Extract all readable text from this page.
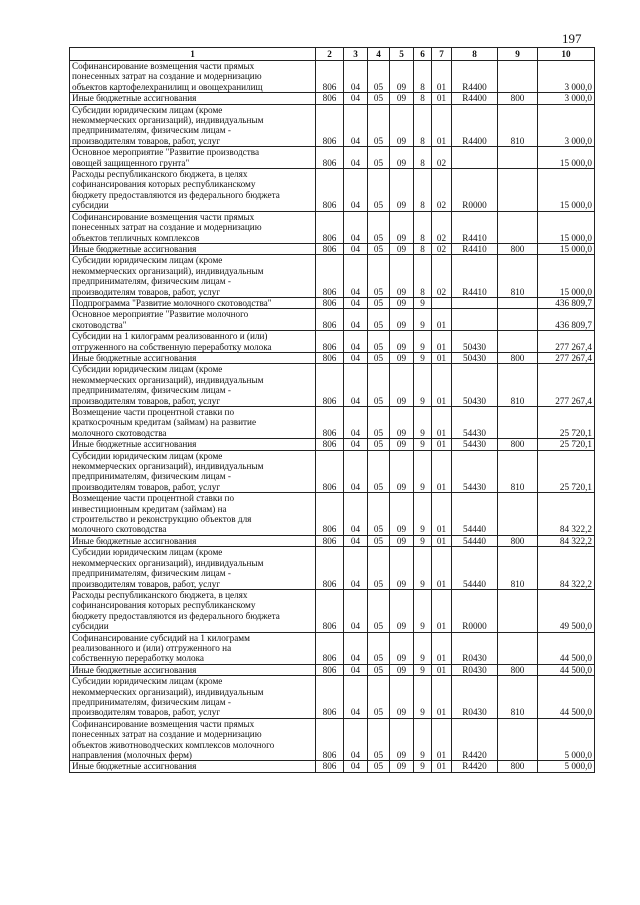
197
1	2	3	4	5	6	7	8	9	10

Софинансирование возмещения части прямых
понесенных затрат на создание и модернизацию
объектов картофелехранилищ и овощехранилищ	806	04	05	09	8	01	R4400		3 000,0

Иные бюджетные ассигнования	806	04	05	09	8	01	R4400	800	3 000,0

Субсидии юридическим лицам (кроме
некоммерческих организаций), индивидуальным
предпринимателям, физическим лицам -
производителям товаров, работ, услуг	806	04	05	09	8	01	R4400	810	3 000,0

Основное мероприятие "Развитие производства
овощей защищенного грунта"	806	04	05	09	8	02			15 000,0

Расходы республиканского бюджета, в целях
софинансирования которых республиканскому
бюджету предоставляются из федерального бюджета
субсидии	806	04	05	09	8	02	R0000		15 000,0

Софинансирование возмещения части прямых
понесенных затрат на создание и модернизацию
объектов тепличных комплексов	806	04	05	09	8	02	R4410		15 000,0

Иные бюджетные ассигнования	806	04	05	09	8	02	R4410	800	15 000,0

Субсидии юридическим лицам (кроме
некоммерческих организаций), индивидуальным
предпринимателям, физическим лицам -
производителям товаров, работ, услуг	806	04	05	09	8	02	R4410	810	15 000,0

Подпрограмма "Развитие молочного скотоводства"	806	04	05	09	9				436 809,7

Основное мероприятие "Развитие молочного
скотоводства"	806	04	05	09	9	01			436 809,7

Субсидии на 1 килограмм реализованного и (или)
отгруженного на собственную переработку молока	806	04	05	09	9	01	50430		277 267,4

Иные бюджетные ассигнования	806	04	05	09	9	01	50430	800	277 267,4

Субсидии юридическим лицам (кроме
некоммерческих организаций), индивидуальным
предпринимателям, физическим лицам -
производителям товаров, работ, услуг	806	04	05	09	9	01	50430	810	277 267,4

Возмещение части процентной ставки по
краткосрочным кредитам (займам) на развитие
молочного скотоводства	806	04	05	09	9	01	54430		25 720,1

Иные бюджетные ассигнования	806	04	05	09	9	01	54430	800	25 720,1

Субсидии юридическим лицам (кроме
некоммерческих организаций), индивидуальным
предпринимателям, физическим лицам -
производителям товаров, работ, услуг	806	04	05	09	9	01	54430	810	25 720,1

Возмещение части процентной ставки по
инвестиционным кредитам (займам) на
строительство и реконструкцию объектов для
молочного скотоводства	806	04	05	09	9	01	54440		84 322,2

Иные бюджетные ассигнования	806	04	05	09	9	01	54440	800	84 322,2

Субсидии юридическим лицам (кроме
некоммерческих организаций), индивидуальным
предпринимателям, физическим лицам -
производителям товаров, работ, услуг	806	04	05	09	9	01	54440	810	84 322,2

Расходы республиканского бюджета, в целях
софинансирования которых республиканскому
бюджету предоставляются из федерального бюджета
субсидии	806	04	05	09	9	01	R0000		49 500,0

Софинансирование субсидий на 1 килограмм
реализованного и (или) отгруженного на
собственную переработку молока	806	04	05	09	9	01	R0430		44 500,0

Иные бюджетные ассигнования	806	04	05	09	9	01	R0430	800	44 500,0

Субсидии юридическим лицам (кроме
некоммерческих организаций), индивидуальным
предпринимателям, физическим лицам -
производителям товаров, работ, услуг	806	04	05	09	9	01	R0430	810	44 500,0

Софинансирование возмещения части прямых
понесенных затрат на создание и модернизацию
объектов животноводческих комплексов молочного
направления (молочных ферм)	806	04	05	09	9	01	R4420		5 000,0

Иные бюджетные ассигнования	806	04	05	09	9	01	R4420	800	5 000,0
